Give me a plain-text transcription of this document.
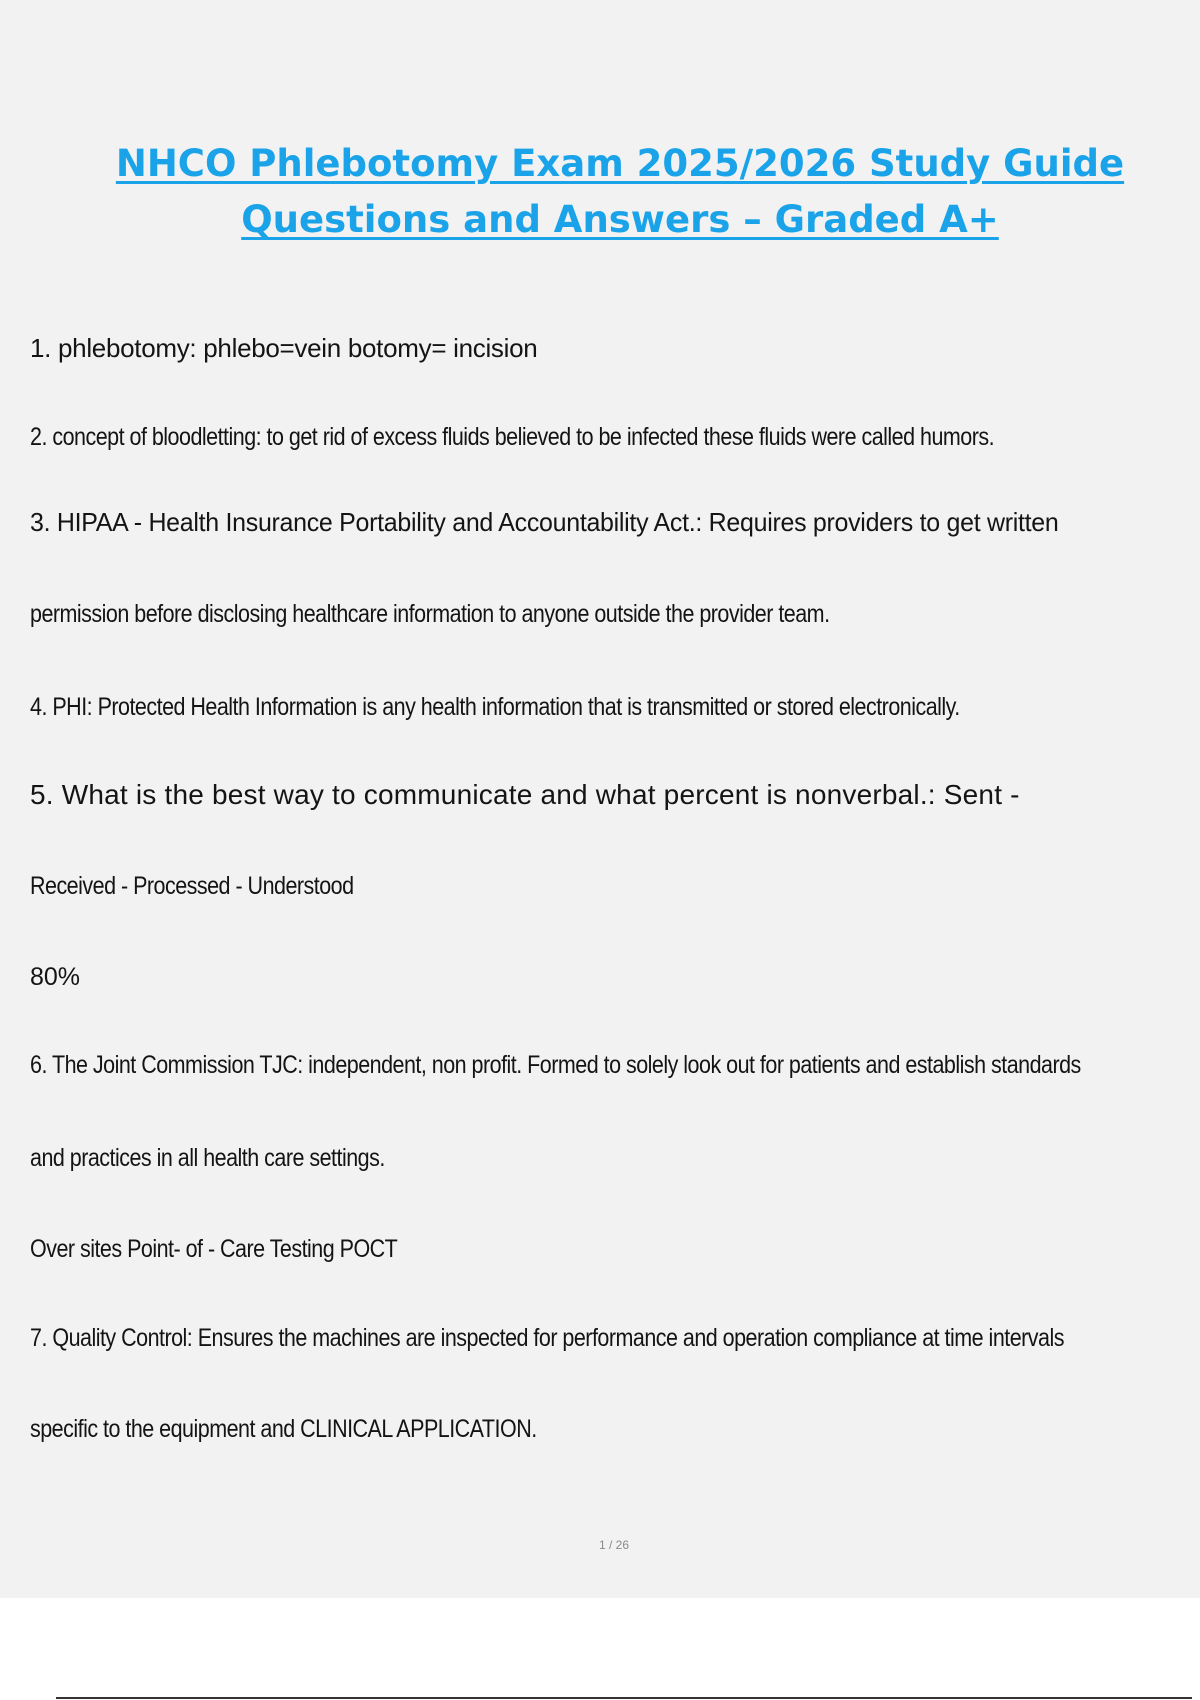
NHCO Phlebotomy Exam 2025/2026 Study Guide
Questions and Answers – Graded A+

1. phlebotomy: phlebo=vein botomy= incision

2. concept of bloodletting: to get rid of excess fluids believed to be infected these fluids were called humors.

3. HIPAA - Health Insurance Portability and Accountability Act.: Requires providers to get written

permission before disclosing healthcare information to anyone outside the provider team.

4. PHI: Protected Health Information is any health information that is transmitted or stored electronically.

5. What is the best way to communicate and what percent is nonverbal.: Sent -

Received - Processed - Understood

80%

6. The Joint Commission TJC: independent, non profit. Formed to solely look out for patients and establish standards

and practices in all health care settings.

Over sites Point- of - Care Testing POCT

7. Quality Control: Ensures the machines are inspected for performance and operation compliance at time intervals

specific to the equipment and CLINICAL APPLICATION.

1 / 26
